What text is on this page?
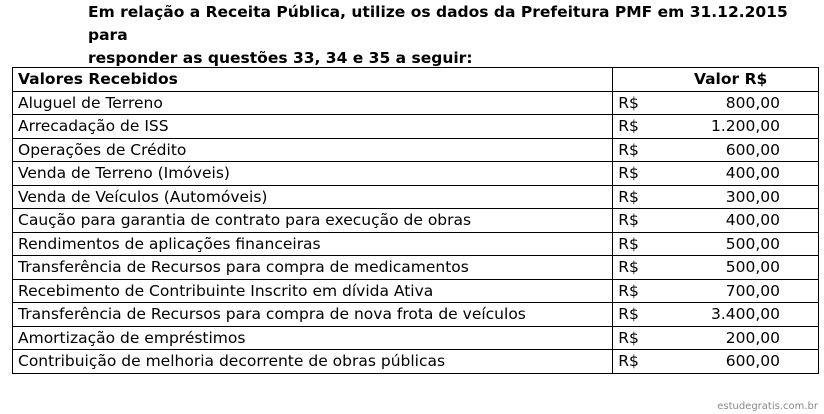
Em relação a Receita Pública, utilize os dados da Prefeitura PMF em 31.12.2015 para

responder as questões 33, 34 e 35 a seguir:

Valores Recebidos	Valor R$
Aluguel de Terreno	R$ 800,00

Arrecadação de ISS	R$ 1.200,00

Operações de Crédito	R$ 600,00

Venda de Terreno (Imóveis)	R$ 400,00

Venda de Veículos (Automóveis)	R$ 300,00

Caução para garantia de contrato para execução de obras	R$ 400,00

Rendimentos de aplicações financeiras	R$ 500,00

Transferência de Recursos para compra de medicamentos	R$ 500,00

Recebimento de Contribuinte Inscrito em dívida Ativa	R$ 700,00

Transferência de Recursos para compra de nova frota de veículos	R$ 3.400,00

Amortização de empréstimos	R$ 200,00

Contribuição de melhoria decorrente de obras públicas	R$ 600,00
estudegratis.com.br
